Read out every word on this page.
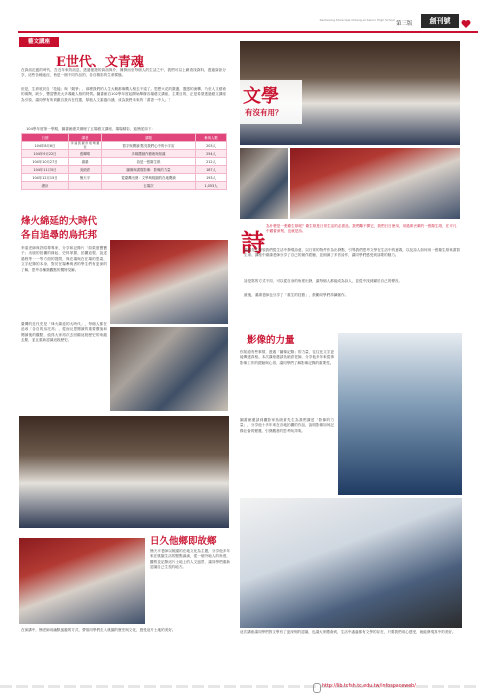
Kaohsiung Municipal Chiang-Ai Senior High School
第三版	創刊號
藝文講座
E世代、文青魂
在資訊氾濫的時代，吾近年來的訊息，透過便捷的資訊與介，擁擠而至每個人的生活之中，我們可以上網查找資料，透過資訊分享，這些各種途徑，皆是一個不同作品的，各自精彩的生命樣態。
但是，生命底於自「技能」與「競爭」，那麼我們的人生大概都像機人相去不遠了。思想火花的激盪，靈感的流轉，乃至人文藝術的薄陶，缺少，豐富豐美大多義範人格的特質。圖書館自102學年度起開始舉辦各場藝文講座，主要目的，正是希望透過藝文講座為引領，讓同學有所貢獻自我內在性靈，厚植人文素養內涵，成為我們未來的「書香一中人」！
104學年度第一學期，圖書館總共辦理了五場藝文講座，場場精彩，茲簡述如下：
日期	講者	講題	參與人數
104年8月6日	李 遠 凱 龍 許 昭 晴 羅 冠	寫字與閱讀 點亮我們心中的小宇宙	203人
104年9月22日	張暉晴	多媒體創作藝術與知識	254人
104年10月27日	鴻鴻	詩是一張衛生紙	212人
104年11月5日	吳碩倉	圖像與書寫影像：影像的力量	187人
104年12月15日	簡天平	從臺灣出發：文學與桃園的在地閱讀	193人
總計		五場次	1,053人
文學
有沒有用？
詩
為什麼是一張衛生紙呢？衛生紙是日常生活的必需品，我們離不開它，我們日日使用，用過即丟棄的一張衛生紙，在平凡中藏著深刻，也就是詩。
鴻鴻先生帶領我們從生活中發現詩意，以日常的物件作為出發點，引導我們思考文學在生活中的意義，以及詩人如何用一張衛生紙來書寫生命。講座中鴻鴻老師分享了自己的創作經驗，並朗讀了多首詩作，讓同學們感受到詩歌的魅力。
詩是寫的方式不同，可以從自身的角度出發，讓每個人都能成為詩人，並從中找到屬於自己的聲音。
最後，鴻鴻老師也分享了「重生的技藝」，鼓勵同學們持續創作。
烽火綿延的大時代
各自追尋的烏托邦
李遠老師與許昭尊專家，分享和記錄片「如果夏寶寶子」出版的拍攝的緣起、史料掌握、拍攝追製、說述過程等一一等方面的提問，與在場與在在場的思索，文字紀錄的本身，對於在場參與者的學生們有更深的了解，思考各種類觀點的獨特見解。
臺灣的近代史是「烽火綿延的大時代」，每個人都在追尋「各自的烏托邦」，從而反思閱讀的重要價值和閱讀後的觀點，值得大家再次去回顧這段歷史的來龍去脈，並且重新認識這段歷史。	影像的力量
你知道有些事情，透過「圖像記錄」的力量，往往比文字更能傳達真相。本次講座邀請吳碩倉老師，分享他多年來從事影像工作的經驗與心得，讓同學們了解影像記錄的重要性。
圖書館邀請到攝影家吳碩倉先生為我們講述「影像的力量」，分享他十多年來在各地拍攝的作品，說明影像如何記錄社會的變遷，引發觀者的思考與共鳴。
日久他鄉即故鄉
簡天平老師以桃園的在地文化為主題，分享他多年來在桃園生活的點點滴滴，從一個外地人的角度，觀察並記錄這片土地上的人文風景，讓同學們重新認識自己生長的地方。
在演講中，簡老師用幽默風趣的方式，帶領同學們走入桃園的歷史與文化，感受這片土地的美好。	這次講座讓同學們對文學有了更深刻的認識，也讓大家體會到，生活中處處都有文學的存在，只要我們用心感受，就能發現其中的美好。
http://lib.tcfsh.tc.edu.tw/infospaceweb/
